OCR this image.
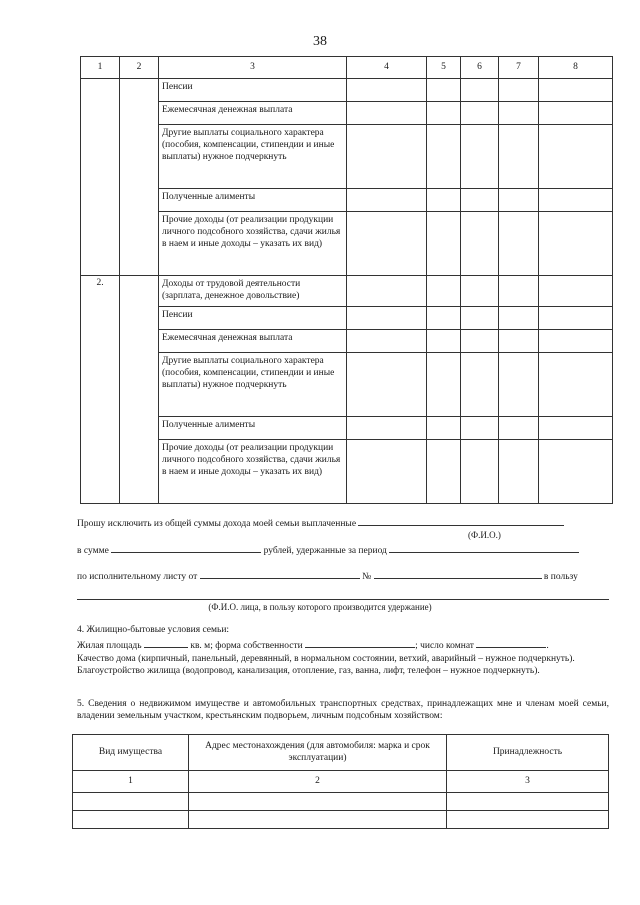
38
1	2	3	4	5	6	7	8
		Пенсии					
		Ежемесячная денежная выплата					
		Другие выплаты социального характера (пособия, компенсации, стипендии и иные выплаты) нужное подчеркнуть					
		Полученные алименты					
		Прочие доходы (от реализации продукции личного подсобного хозяйства, сдачи жилья в наем и иные доходы – указать их вид)					
2.		Доходы от трудовой деятельности (зарплата, денежное довольствие)					
		Пенсии					
		Ежемесячная денежная выплата					
		Другие выплаты социального характера (пособия, компенсации, стипендии и иные выплаты) нужное подчеркнуть					
		Полученные алименты					
		Прочие доходы (от реализации продукции личного подсобного хозяйства, сдачи жилья в наем и иные доходы – указать их вид)					
Прошу исключить из общей суммы дохода моей семьи выплаченные
(Ф.И.О.)
в сумме	рублей, удержанные за период
по исполнительному листу от	№	в пользу
(Ф.И.О. лица, в пользу которого производится удержание)
4. Жилищно-бытовые условия семьи:
Жилая площадь	кв. м; форма собственности	; число комнат	.
Качество дома (кирпичный, панельный, деревянный, в нормальном состоянии, ветхий, аварийный – нужное подчеркнуть).
Благоустройство жилища (водопровод, канализация, отопление, газ, ванна, лифт, телефон – нужное подчеркнуть).
5. Сведения о недвижимом имуществе и автомобильных транспортных средствах, принадлежащих мне и членам моей семьи, владении земельным участком, крестьянским подворьем, личным подсобным хозяйством:
Вид имущества	Адрес местонахождения (для автомобиля: марка и срок эксплуатации)	Принадлежность
1	2	3
